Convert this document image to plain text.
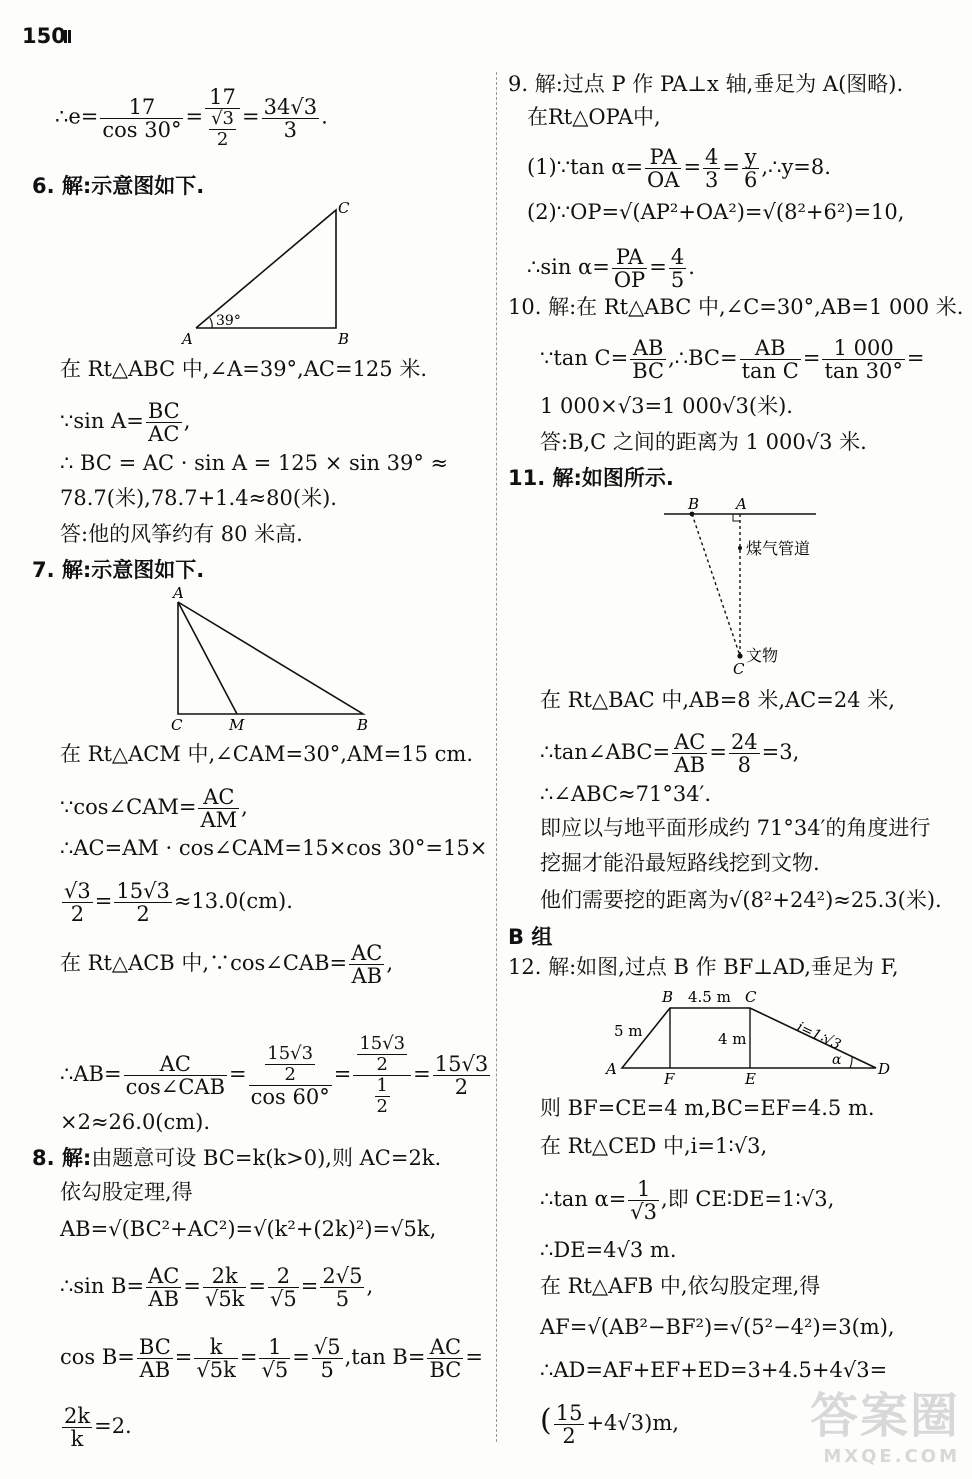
150
∴e= $\frac{17}{\cos 30^\circ} = \frac{17}{\frac{√3}{2}} = \frac{34√3}{3}$ .
6. 解:示意图如下.
C
A	B
39°
在 Rt△ABC 中,∠A=39°,AC=125 米.
∵sin $A= \frac{BC}{AC}$ ,
∴ BC = AC · sin A = 125 × sin 39° ≈
78.7(米),78.7+1.4≈80(米).
答:他的风筝约有 80 米高.
7. 解:示意图如下.
A
C	M	B
在 Rt△ACM 中,∠CAM=30°,AM=15 cm.
∵cos∠CAM= $\frac{AC}{AM}$ ,
∴AC=AM · cos∠CAM=15×cos 30°=15×
$\frac{√3}{2} = \frac{15√3}{2} \approx 13.0(cm)$.
在 Rt△ACB 中,∵cos∠CAB= $\frac{AC}{AB}$ ,
∴AB= $\frac{AC}{\text{cos∠CAB}} = \frac{\frac{15√3}{2}}{\cos 60^\circ} = \frac{\frac{15√3}{2}}{\frac{1}{2}} = \frac{15√3}{2}$
×2≈26.0(cm).
8. 解:由题意可设 BC=k(k>0),则 AC=2k.
依勾股定理,得
AB=√(BC²+AC²)=√(k²+(2k)²)=√5k,
∴sin $B= \frac{AC}{AB} = \frac{2k}{√5k} = \frac{2}{√5} = \frac{2√5}{5}$ ,
$\cos B= \frac{BC}{AB} = \frac{k}{√5k} = \frac{1}{√5} = \frac{√5}{5} ,\tan$ $B= \frac{AC}{BC}$ =
$\frac{2k}{k} =2$.
9. 解:过点 P 作 PA⊥x 轴,垂足为 A(图略).
在Rt△OPA中,
(1)∵tan $\alpha= \frac{PA}{OA} = \frac{4}{3} = \frac{y}{6}$ ,∴y=8.
(2)∵OP=√(AP²+OA²)=√(8²+6²)=10,
∴sin $\alpha= \frac{PA}{OP} = \frac{4}{5}$ .
10. 解:在 Rt△ABC 中,∠C=30°,AB=1 000 米.
∵tan $C= \frac{AB}{BC}$ ,∴BC= $\frac{AB}{\text{tan C}} = \frac{1 000}{\tan 30^\circ}$ =
1 000×√3=1 000√3(米).
答:B,C 之间的距离为 1 000√3 米.
11. 解:如图所示.
B A
C
煤气管道
文物
在 Rt△BAC 中,AB=8 米,AC=24 米,
∴tan∠ABC= $\frac{AC}{AB} = \frac{24}{8} =3$,
∴∠ABC≈71°34′.
即应以与地平面形成约 71°34′的角度进行
挖掘才能沿最短路线挖到文物.
他们需要挖的距离为√(8²+24²)≈25.3(米).
B 组
12. 解:如图,过点 B 作 BF⊥AD,垂足为 F,
B	C
A
F	E
D
4.5 m
5 m	4 m	i=1∶√3
α
则 BF=CE=4 m,BC=EF=4.5 m.
在 Rt△CED 中,i=1∶√3,
∴tan $\alpha= \frac{1}{√3}$ ,即 CE∶DE=1∶√3,
∴DE=4√3 m.
在 Rt△AFB 中,依勾股定理,得
AF=√(AB²−BF²)=√(5²−4²)=3(m),
∴AD=AF+EF+ED=3+4.5+4√3=
( $\frac{15}{2} +4√3)m$,	答案圈
MXQE.COM
